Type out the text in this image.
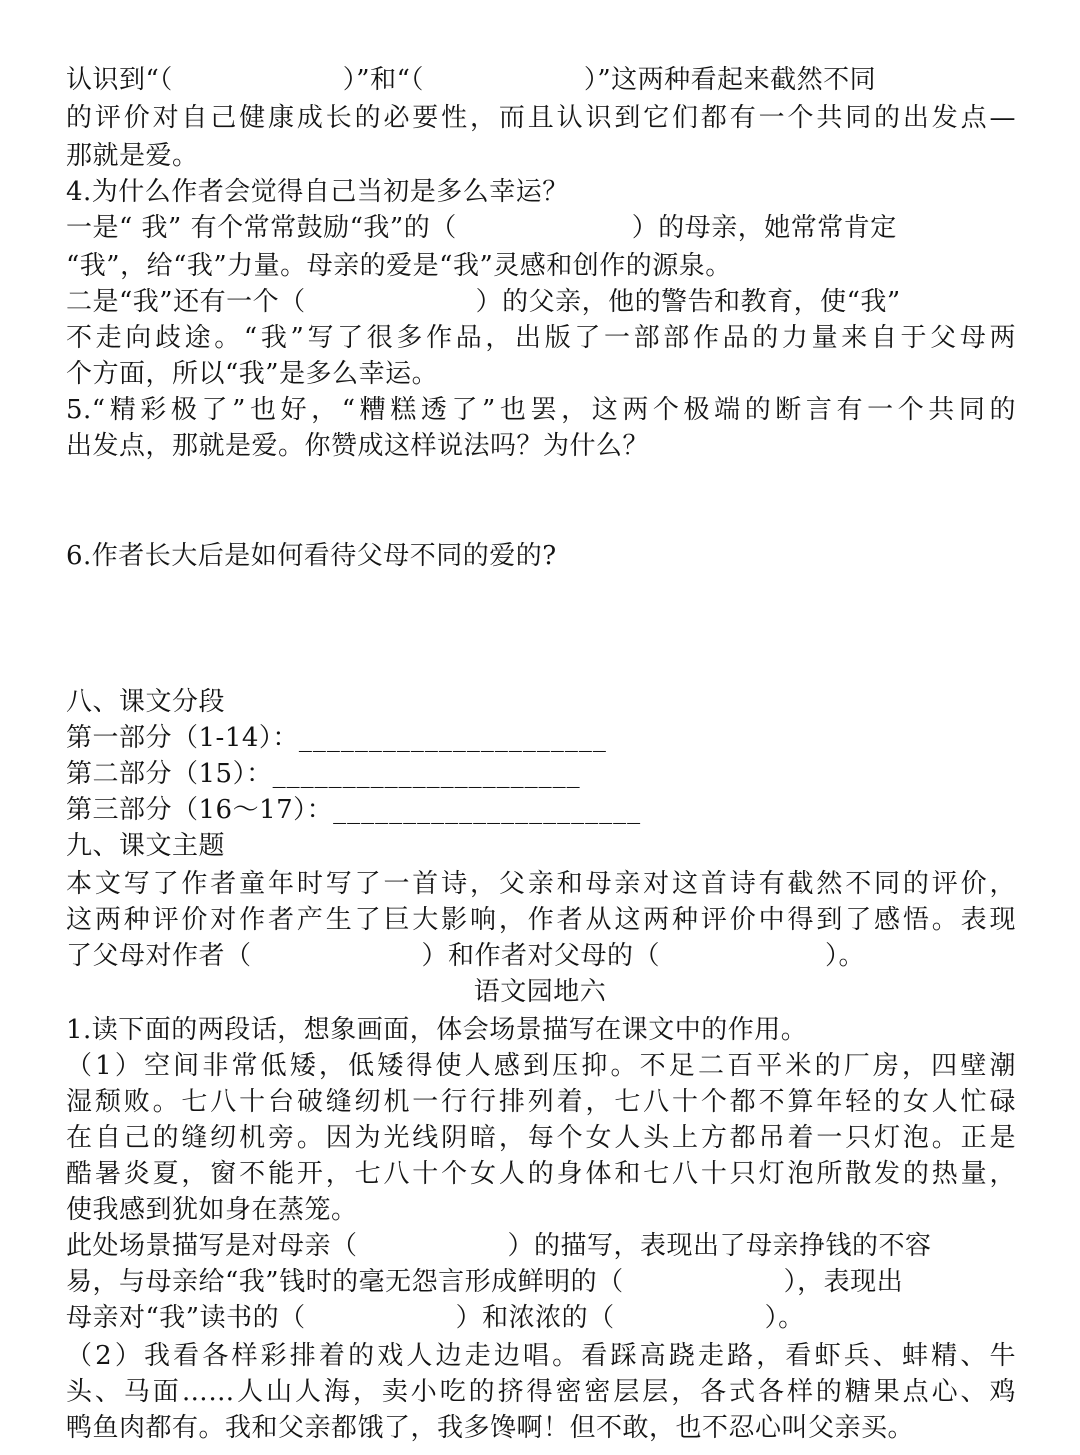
认识到“（	）”和“（	）”这两种看起来截然不同
的评价对自己健康成长的必要性，而且认识到它们都有一个共同的出发点—
那就是爱。
4.为什么作者会觉得自己当初是多么幸运？
一是“ 我” 有个常常鼓励“我”的（	）的母亲，她常常肯定
“我”，给“我”力量。母亲的爱是“我”灵感和创作的源泉。
二是“我”还有一个（	）的父亲，他的警告和教育，使“我”
不走向歧途。“我”写了很多作品，出版了一部部作品的力量来自于父母两
个方面，所以“我”是多么幸运。
5.“精彩极了”也好，“糟糕透了”也罢，这两个极端的断言有一个共同的
出发点，那就是爱。你赞成这样说法吗？为什么？
6.作者长大后是如何看待父母不同的爱的?
八、课文分段
第一部分（1-14）：______________________
第二部分（15）：______________________
第三部分（16～17）：______________________
九、课文主题
本文写了作者童年时写了一首诗，父亲和母亲对这首诗有截然不同的评价，
这两种评价对作者产生了巨大影响，作者从这两种评价中得到了感悟。表现
了父母对作者（	）和作者对父母的（	）。
语文园地六
1.读下面的两段话，想象画面，体会场景描写在课文中的作用。
（1）空间非常低矮，低矮得使人感到压抑。不足二百平米的厂房，四壁潮
湿颓败。七八十台破缝纫机一行行排列着，七八十个都不算年轻的女人忙碌
在自己的缝纫机旁。因为光线阴暗，每个女人头上方都吊着一只灯泡。正是
酷暑炎夏，窗不能开，七八十个女人的身体和七八十只灯泡所散发的热量，
使我感到犹如身在蒸笼。
此处场景描写是对母亲（	）的描写，表现出了母亲挣钱的不容
易，与母亲给“我”钱时的毫无怨言形成鲜明的（	），表现出
母亲对“我”读书的（	）和浓浓的（	）。
（2）我看各样彩排着的戏人边走边唱。看踩高跷走路，看虾兵、蚌精、牛
头、马面……人山人海，卖小吃的挤得密密层层，各式各样的糖果点心、鸡
鸭鱼肉都有。我和父亲都饿了，我多馋啊！但不敢，也不忍心叫父亲买。
